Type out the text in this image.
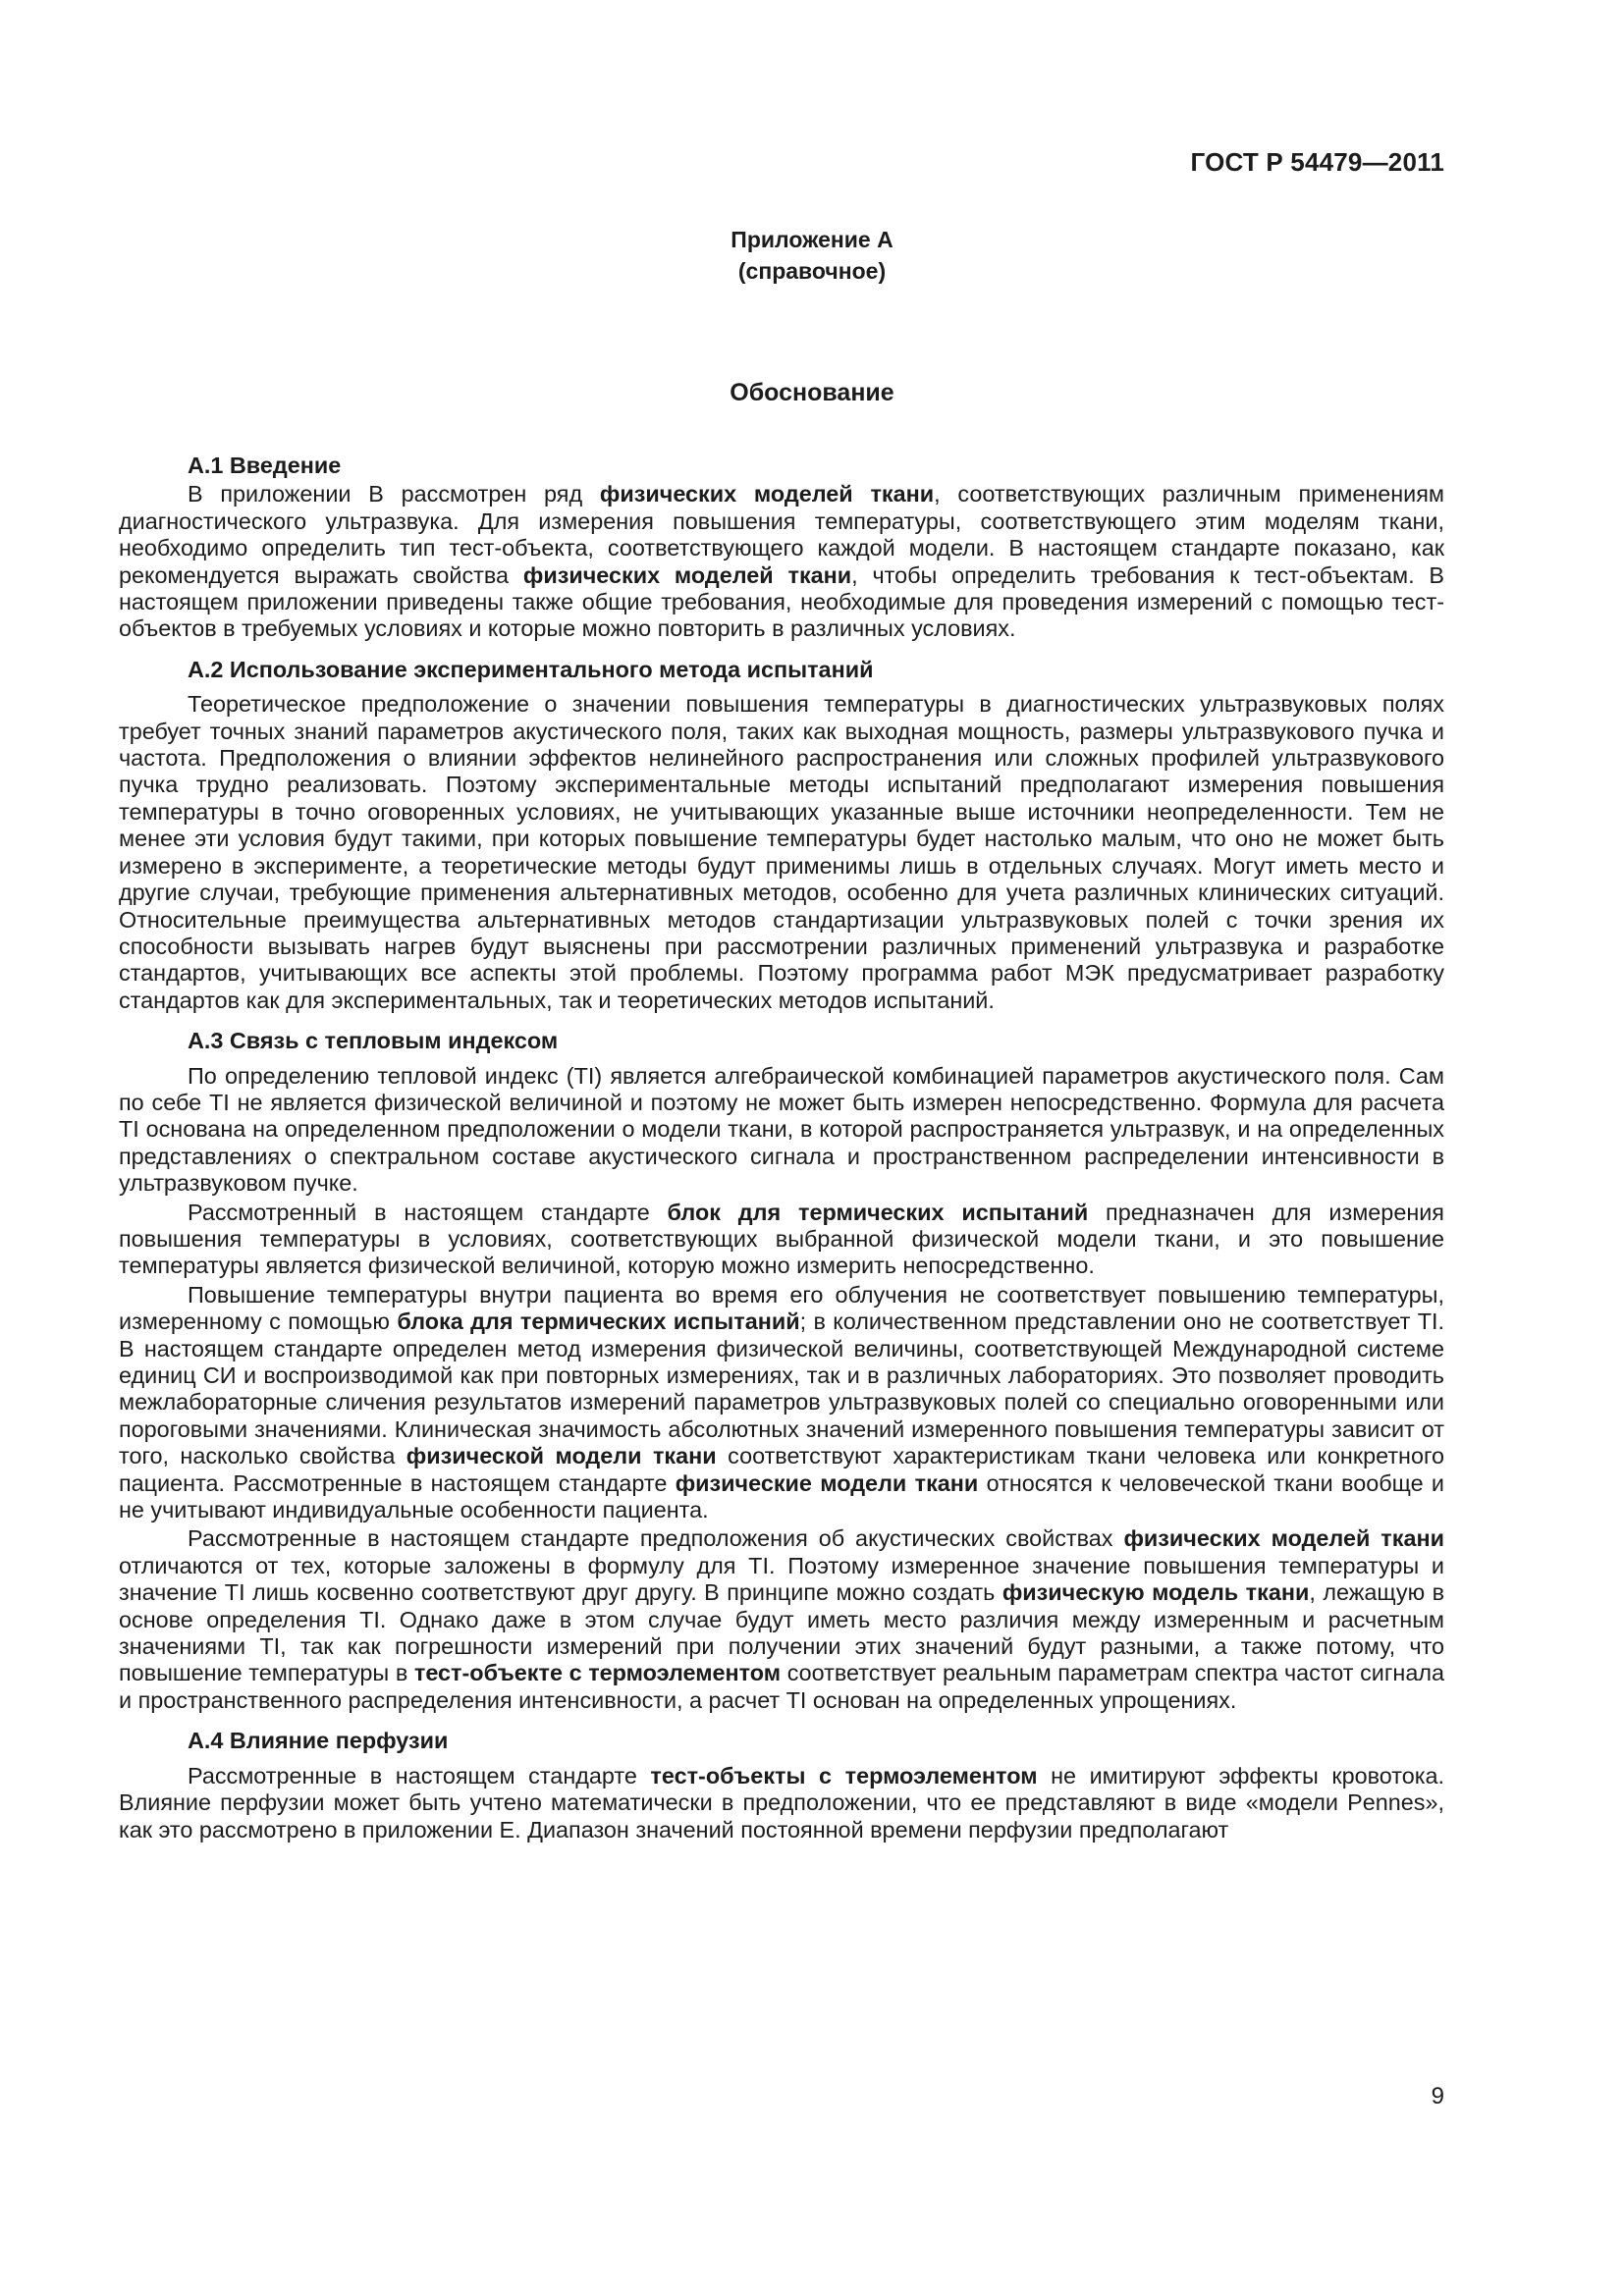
ГОСТ Р 54479—2011
Приложение А
(справочное)
Обоснование
А.1 Введение

В приложении В рассмотрен ряд физических моделей ткани, соответствующих различным применениям диагностического ультразвука. Для измерения повышения температуры, соответствующего этим моделям ткани, необходимо определить тип тест-объекта, соответствующего каждой модели. В настоящем стандарте показано, как рекомендуется выражать свойства физических моделей ткани, чтобы определить требования к тест-объектам. В настоящем приложении приведены также общие требования, необходимые для проведения измерений с помощью тест-объектов в требуемых условиях и которые можно повторить в различных условиях.

А.2 Использование экспериментального метода испытаний

Теоретическое предположение о значении повышения температуры в диагностических ультразвуковых полях требует точных знаний параметров акустического поля, таких как выходная мощность, размеры ультразвукового пучка и частота. Предположения о влиянии эффектов нелинейного распространения или сложных профилей ультразвукового пучка трудно реализовать. Поэтому экспериментальные методы испытаний предполагают измерения повышения температуры в точно оговоренных условиях, не учитывающих указанные выше источники неопределенности. Тем не менее эти условия будут такими, при которых повышение температуры будет настолько малым, что оно не может быть измерено в эксперименте, а теоретические методы будут применимы лишь в отдельных случаях. Могут иметь место и другие случаи, требующие применения альтернативных методов, особенно для учета различных клинических ситуаций. Относительные преимущества альтернативных методов стандартизации ультразвуковых полей с точки зрения их способности вызывать нагрев будут выяснены при рассмотрении различных применений ультразвука и разработке стандартов, учитывающих все аспекты этой проблемы. Поэтому программа работ МЭК предусматривает разработку стандартов как для экспериментальных, так и теоретических методов испытаний.

А.3 Связь с тепловым индексом

По определению тепловой индекс (TI) является алгебраической комбинацией параметров акустического поля. Сам по себе TI не является физической величиной и поэтому не может быть измерен непосредственно. Формула для расчета TI основана на определенном предположении о модели ткани, в которой распространяется ультразвук, и на определенных представлениях о спектральном составе акустического сигнала и пространственном распределении интенсивности в ультразвуковом пучке.

Рассмотренный в настоящем стандарте блок для термических испытаний предназначен для измерения повышения температуры в условиях, соответствующих выбранной физической модели ткани, и это повышение температуры является физической величиной, которую можно измерить непосредственно.

Повышение температуры внутри пациента во время его облучения не соответствует повышению температуры, измеренному с помощью блока для термических испытаний; в количественном представлении оно не соответствует TI. В настоящем стандарте определен метод измерения физической величины, соответствующей Международной системе единиц СИ и воспроизводимой как при повторных измерениях, так и в различных лабораториях. Это позволяет проводить межлабораторные сличения результатов измерений параметров ультразвуковых полей со специально оговоренными или пороговыми значениями. Клиническая значимость абсолютных значений измеренного повышения температуры зависит от того, насколько свойства физической модели ткани соответствуют характеристикам ткани человека или конкретного пациента. Рассмотренные в настоящем стандарте физические модели ткани относятся к человеческой ткани вообще и не учитывают индивидуальные особенности пациента.

Рассмотренные в настоящем стандарте предположения об акустических свойствах физических моделей ткани отличаются от тех, которые заложены в формулу для TI. Поэтому измеренное значение повышения температуры и значение TI лишь косвенно соответствуют друг другу. В принципе можно создать физическую модель ткани, лежащую в основе определения TI. Однако даже в этом случае будут иметь место различия между измеренным и расчетным значениями TI, так как погрешности измерений при получении этих значений будут разными, а также потому, что повышение температуры в тест-объекте с термоэлементом соответствует реальным параметрам спектра частот сигнала и пространственного распределения интенсивности, а расчет TI основан на определенных упрощениях.

А.4 Влияние перфузии

Рассмотренные в настоящем стандарте тест-объекты с термоэлементом не имитируют эффекты кровотока. Влияние перфузии может быть учтено математически в предположении, что ее представляют в виде «модели Pennes», как это рассмотрено в приложении Е. Диапазон значений постоянной времени перфузии предполагают

9
